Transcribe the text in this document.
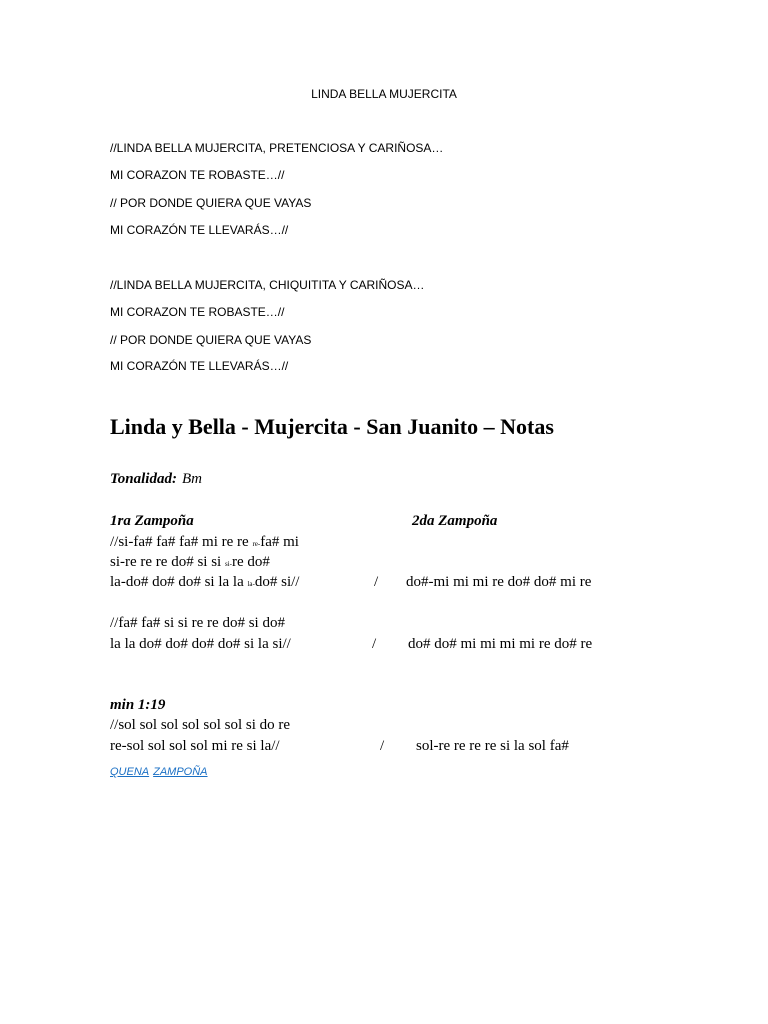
LINDA BELLA MUJERCITA
//LINDA BELLA MUJERCITA, PRETENCIOSA Y CARIÑOSA…
MI CORAZON TE ROBASTE…//
// POR DONDE QUIERA QUE VAYAS
MI CORAZÓN TE LLEVARÁS…//
//LINDA BELLA MUJERCITA, CHIQUITITA Y CARIÑOSA…
MI CORAZON TE ROBASTE…//
// POR DONDE QUIERA QUE VAYAS
MI CORAZÓN TE LLEVARÁS…//
Linda y Bella - Mujercita - San Juanito – Notas
Tonalidad: Bm
1ra Zampoña	2da Zampoña
//si-fa# fa# fa# mi re re re-fa# mi
si-re re re do# si si si-re do#
la-do# do# do# si la la la-do# si//	/ do#-mi mi mi re do# do# mi re
//fa# fa# si si re re do# si do#
la la do# do# do# do# si la si//	/ do# do# mi mi mi mi re do# re
min 1:19
//sol sol sol sol sol sol si do re
re-sol sol sol sol mi re si la//	/ sol-re re re re si la sol fa#
QUENA ZAMPOÑA
